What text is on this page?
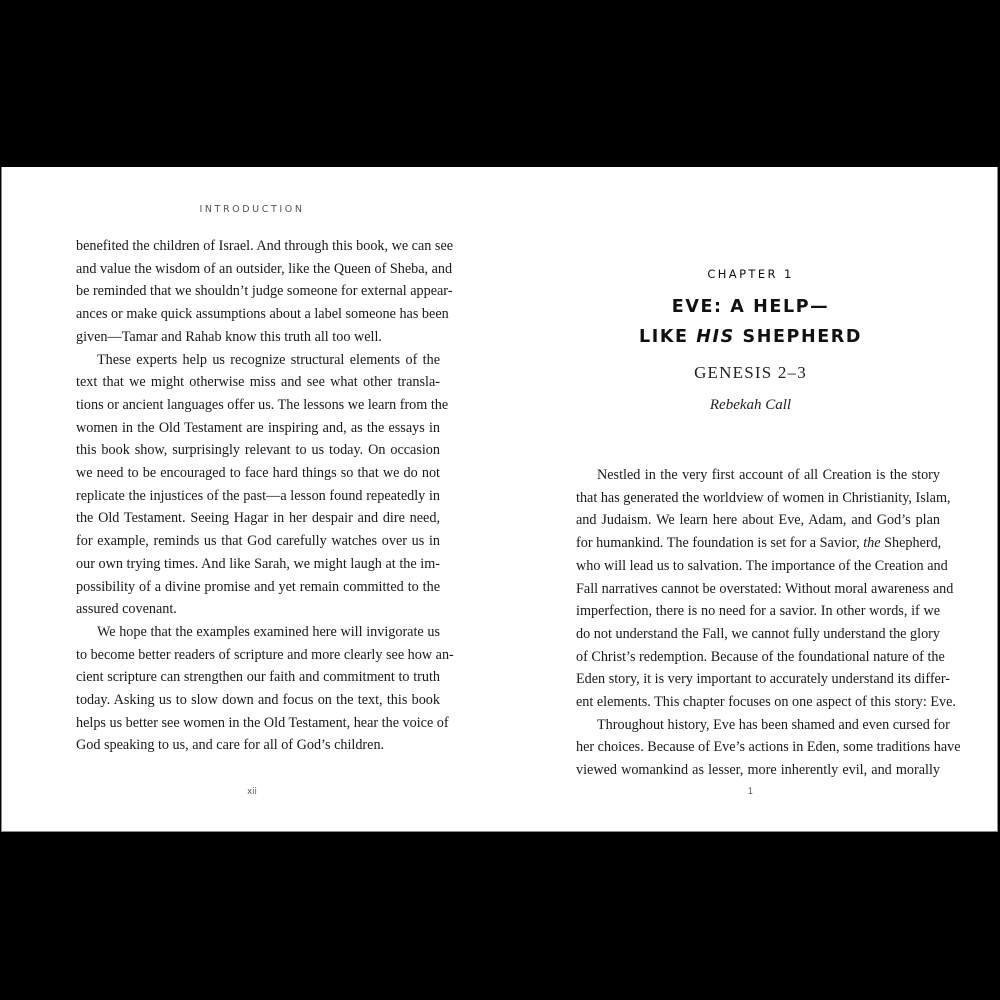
INTRODUCTION
benefited the children of Israel. And through this book, we can see
and value the wisdom of an outsider, like the Queen of Sheba, and
be reminded that we shouldn’t judge someone for external appear-
ances or make quick assumptions about a label someone has been
given—Tamar and Rahab know this truth all too well.
These experts help us recognize structural elements of the
text that we might otherwise miss and see what other transla-
tions or ancient languages offer us. The lessons we learn from the
women in the Old Testament are inspiring and, as the essays in
this book show, surprisingly relevant to us today. On occasion
we need to be encouraged to face hard things so that we do not
replicate the injustices of the past—a lesson found repeatedly in
the Old Testament. Seeing Hagar in her despair and dire need,
for example, reminds us that God carefully watches over us in
our own trying times. And like Sarah, we might laugh at the im-
possibility of a divine promise and yet remain committed to the
assured covenant.
We hope that the examples examined here will invigorate us
to become better readers of scripture and more clearly see how an-
cient scripture can strengthen our faith and commitment to truth
today. Asking us to slow down and focus on the text, this book
helps us better see women in the Old Testament, hear the voice of
God speaking to us, and care for all of God’s children.
xii
CHAPTER 1
EVE: A HELP—
LIKE HIS SHEPHERD
GENESIS 2–3
Rebekah Call
Nestled in the very first account of all Creation is the story
that has generated the worldview of women in Christianity, Islam,
and Judaism. We learn here about Eve, Adam, and God’s plan
for humankind. The foundation is set for a Savior, the Shepherd,
who will lead us to salvation. The importance of the Creation and
Fall narratives cannot be overstated: Without moral awareness and
imperfection, there is no need for a savior. In other words, if we
do not understand the Fall, we cannot fully understand the glory
of Christ’s redemption. Because of the foundational nature of the
Eden story, it is very important to accurately understand its differ-
ent elements. This chapter focuses on one aspect of this story: Eve.
Throughout history, Eve has been shamed and even cursed for
her choices. Because of Eve’s actions in Eden, some traditions have
viewed womankind as lesser, more inherently evil, and morally
1
